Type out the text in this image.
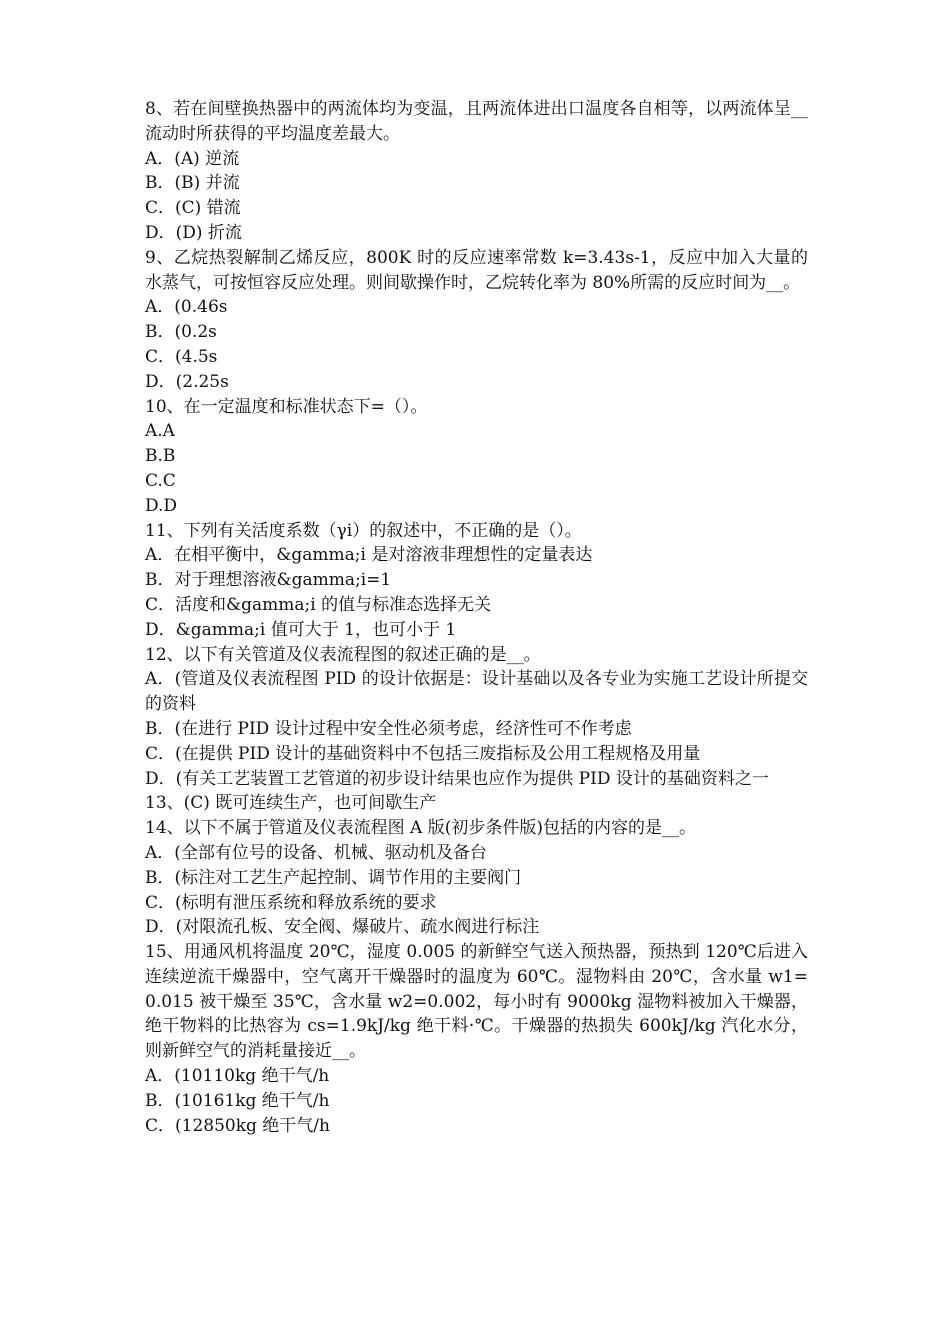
8、若在间壁换热器中的两流体均为变温，且两流体进出口温度各自相等，以两流体呈__流动时所获得的平均温度差最大。
A．(A) 逆流
B．(B) 并流
C．(C) 错流
D．(D) 折流
9、乙烷热裂解制乙烯反应，800K 时的反应速率常数 k=3.43s-1，反应中加入大量的水蒸气，可按恒容反应处理。则间歇操作时，乙烷转化率为 80%所需的反应时间为__。
A．(0.46s
B．(0.2s
C．(4.5s
D．(2.25s
10、在一定温度和标准状态下=（）。
A.A
B.B
C.C
D.D
11、下列有关活度系数（γi）的叙述中，不正确的是（）。
A．在相平衡中，&gamma;i 是对溶液非理想性的定量表达
B．对于理想溶液&gamma;i=1
C．活度和&gamma;i 的值与标准态选择无关
D．&gamma;i 值可大于 1，也可小于 1
12、以下有关管道及仪表流程图的叙述正确的是__。
A．(管道及仪表流程图 PID 的设计依据是：设计基础以及各专业为实施工艺设计所提交的资料
B．(在进行 PID 设计过程中安全性必须考虑，经济性可不作考虑
C．(在提供 PID 设计的基础资料中不包括三废指标及公用工程规格及用量
D．(有关工艺装置工艺管道的初步设计结果也应作为提供 PID 设计的基础资料之一
13、(C) 既可连续生产，也可间歇生产
14、以下不属于管道及仪表流程图 A 版(初步条件版)包括的内容的是__。
A．(全部有位号的设备、机械、驱动机及备台
B．(标注对工艺生产起控制、调节作用的主要阀门
C．(标明有泄压系统和释放系统的要求
D．(对限流孔板、安全阀、爆破片、疏水阀进行标注
15、用通风机将温度 20℃，湿度 0.005 的新鲜空气送入预热器，预热到 120℃后进入连续逆流干燥器中，空气离开干燥器时的温度为 60℃。湿物料由 20℃，含水量 w1=0.015 被干燥至 35℃，含水量 w2=0.002，每小时有 9000kg 湿物料被加入干燥器，绝干物料的比热容为 cs=1.9kJ/kg 绝干料·℃。干燥器的热损失 600kJ/kg 汽化水分，则新鲜空气的消耗量接近__。
A．(10110kg 绝干气/h
B．(10161kg 绝干气/h
C．(12850kg 绝干气/h
